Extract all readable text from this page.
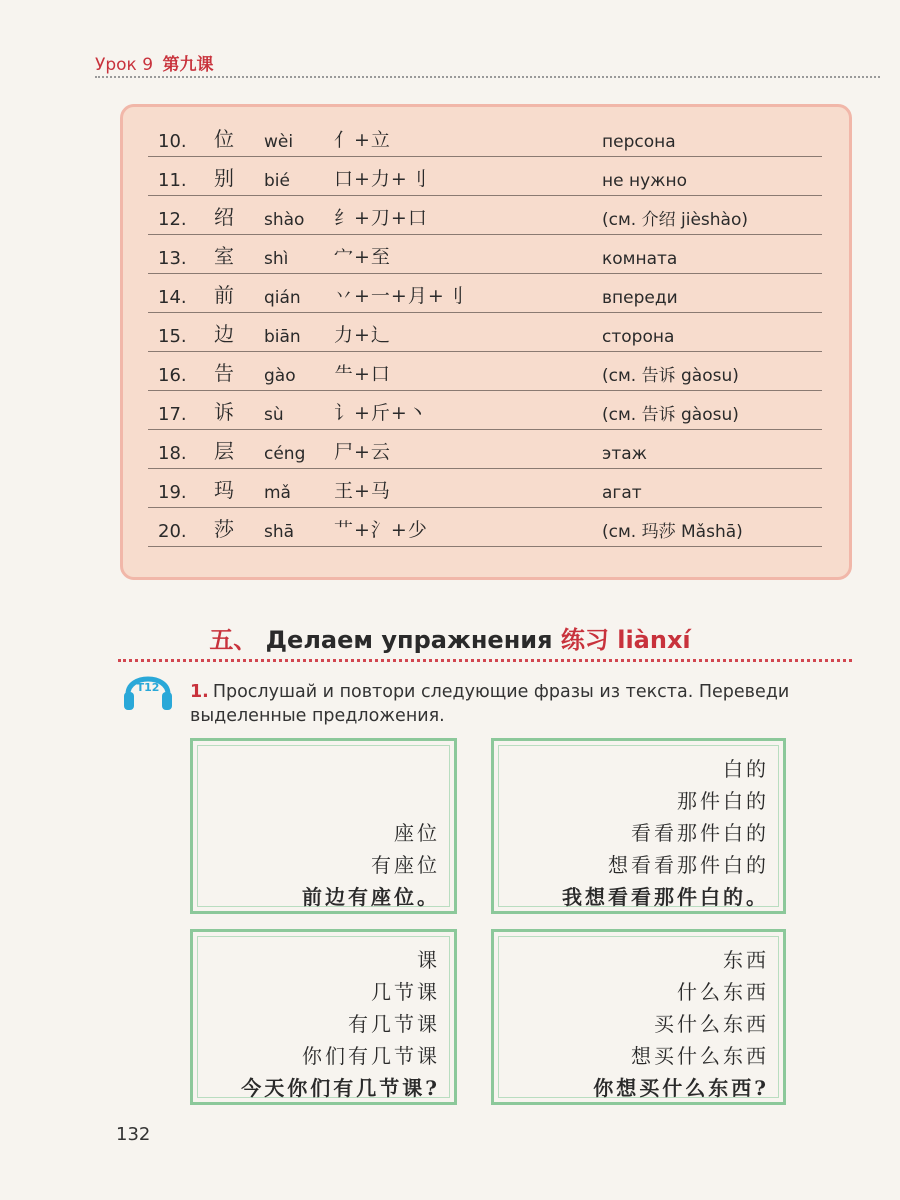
Урок 9 第九课
10. 位 wèi 亻+立	персона
11. 别 bié 口+力+刂	не нужно
12. 绍 shào 纟+刀+口	(см. 介绍 jièshào)
13. 室 shì 宀+至	комната
14. 前 qián 丷+一+月+刂	впереди
15. 边 biān 力+辶	сторона
16. 告 gào ⺧+口	(см. 告诉 gàosu)
17. 诉 sù	讠+斤+丶	(см. 告诉 gàosu)
18. 层 céng 尸+云	этаж
19. 玛 mǎ 王+马	агат
20. 莎 shā 艹+氵+少	(см. 玛莎 Mǎshā)
五、 Делаем упражнения 练习 liànxí
T12 1. Прослушай и повтори следующие фразы из текста. Переведи выделенные предложения.
座位
有座位
前边有座位。
白的
那件白的
看看那件白的
想看看那件白的
我想看看那件白的。
课
几节课
有几节课
你们有几节课
今天你们有几节课?
东西
什么东西
买什么东西
想买什么东西
你想买什么东西?
132
